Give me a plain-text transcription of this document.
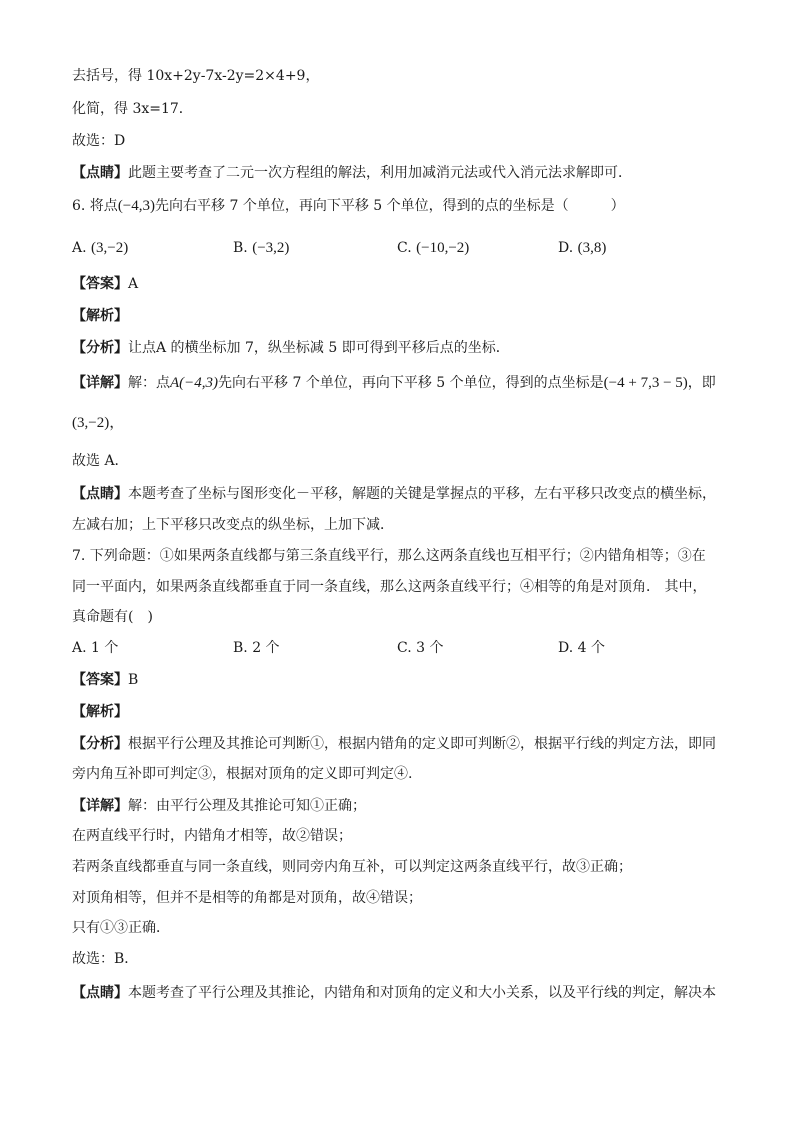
去括号，得 10x+2y-7x-2y=2×4+9，
化简，得 3x=17．
故选：D
【点睛】此题主要考查了二元一次方程组的解法，利用加减消元法或代入消元法求解即可．
6. 将点(−4,3)先向右平移 7 个单位，再向下平移 5 个单位，得到的点的坐标是（　　　）
A. (3,−2)	B. (−3,2)	C. (−10,−2)	D. (3,8)
【答案】A
【解析】
【分析】让点A 的横坐标加 7，纵坐标减 5 即可得到平移后点的坐标．
【详解】解：点A(−4,3)先向右平移 7 个单位，再向下平移 5 个单位，得到的点坐标是(−4 + 7,3 − 5)，即
(3,−2)，
故选 A．
【点睛】本题考查了坐标与图形变化－平移，解题的关键是掌握点的平移，左右平移只改变点的横坐标，
左减右加；上下平移只改变点的纵坐标，上加下减．
7. 下列命题：①如果两条直线都与第三条直线平行，那么这两条直线也互相平行；②内错角相等；③在
同一平面内，如果两条直线都垂直于同一条直线，那么这两条直线平行；④相等的角是对顶角． 其中，
真命题有(　)
A. 1 个	B. 2 个	C. 3 个	D. 4 个
【答案】B
【解析】
【分析】根据平行公理及其推论可判断①，根据内错角的定义即可判断②，根据平行线的判定方法，即同
旁内角互补即可判定③，根据对顶角的定义即可判定④.
【详解】解：由平行公理及其推论可知①正确；
在两直线平行时，内错角才相等，故②错误；
若两条直线都垂直与同一条直线，则同旁内角互补，可以判定这两条直线平行，故③正确；
对顶角相等，但并不是相等的角都是对顶角，故④错误；
只有①③正确．
故选：B．
【点睛】本题考查了平行公理及其推论，内错角和对顶角的定义和大小关系，以及平行线的判定，解决本
